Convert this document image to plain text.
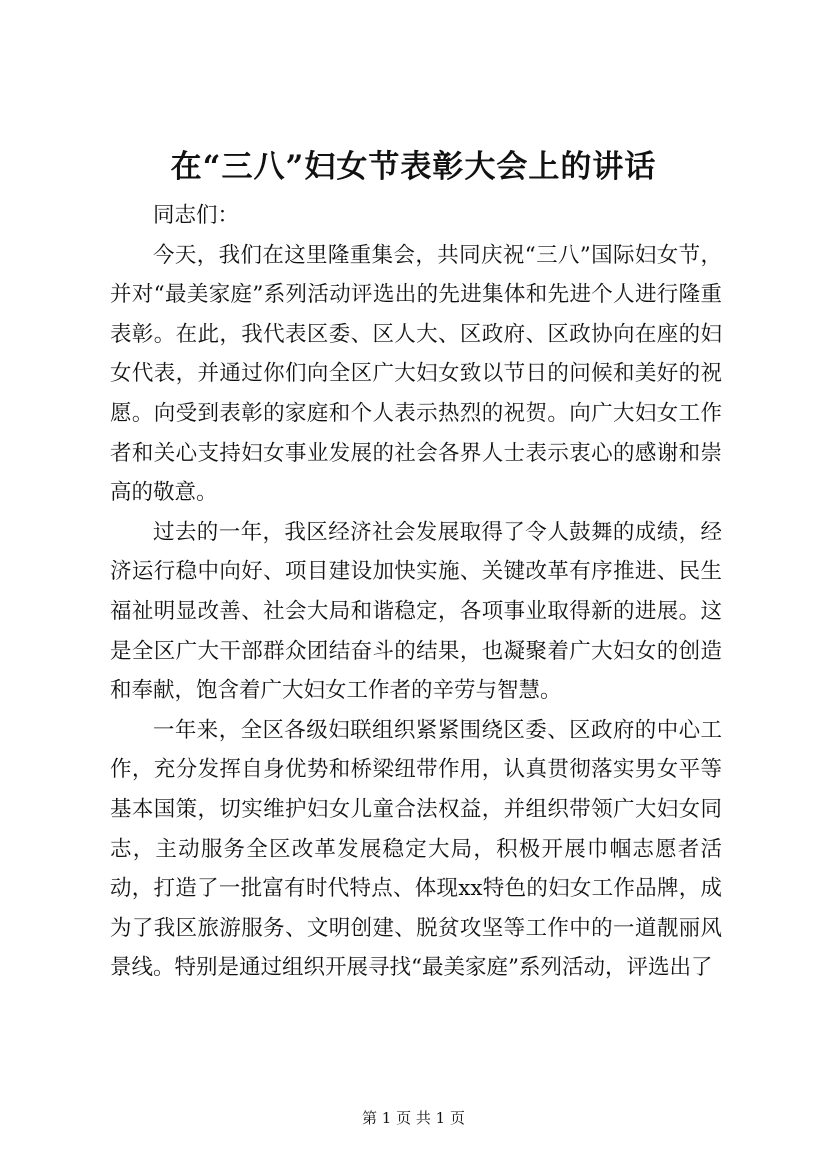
在“三八”妇女节表彰大会上的讲话

同志们：

今天，我们在这里隆重集会，共同庆祝“三八”国际妇女节，并对“最美家庭”系列活动评选出的先进集体和先进个人进行隆重表彰。在此，我代表区委、区人大、区政府、区政协向在座的妇女代表，并通过你们向全区广大妇女致以节日的问候和美好的祝愿。向受到表彰的家庭和个人表示热烈的祝贺。向广大妇女工作者和关心支持妇女事业发展的社会各界人士表示衷心的感谢和崇高的敬意。

过去的一年，我区经济社会发展取得了令人鼓舞的成绩，经济运行稳中向好、项目建设加快实施、关键改革有序推进、民生福祉明显改善、社会大局和谐稳定，各项事业取得新的进展。这是全区广大干部群众团结奋斗的结果，也凝聚着广大妇女的创造和奉献，饱含着广大妇女工作者的辛劳与智慧。

一年来，全区各级妇联组织紧紧围绕区委、区政府的中心工作，充分发挥自身优势和桥梁纽带作用，认真贯彻落实男女平等基本国策，切实维护妇女儿童合法权益，并组织带领广大妇女同志，主动服务全区改革发展稳定大局，积极开展巾帼志愿者活动，打造了一批富有时代特点、体现xx特色的妇女工作品牌，成为了我区旅游服务、文明创建、脱贫攻坚等工作中的一道靓丽风景线。特别是通过组织开展寻找“最美家庭”系列活动，评选出了

第 1 页 共 1 页
